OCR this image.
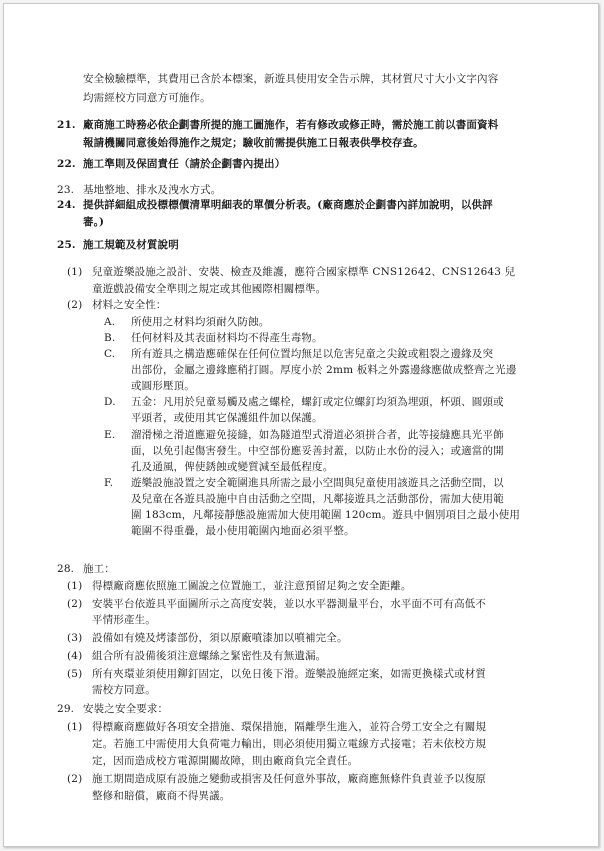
安全檢驗標準，其費用已含於本標案，新遊具使用安全告示牌，其材質尺寸大小文字內容
均需經校方同意方可施作。
21. 廠商施工時務必依企劃書所提的施工圖施作，若有修改或修正時，需於施工前以書面資料
報請機關同意後始得施作之規定；驗收前需提供施工日報表供學校存查。
22. 施工準則及保固責任（請於企劃書內提出）
23. 基地整地、排水及洩水方式。
24. 提供詳細組成投標標價清單明細表的單價分析表。(廠商應於企劃書內詳加說明，以供評
審。)
25. 施工規範及材質說明
(1) 兒童遊樂設施之設計、安裝、檢查及維護，應符合國家標準 CNS12642、CNS12643 兒
童遊戲設備安全準則之規定或其他國際相關標準。
(2) 材料之安全性：
A. 所使用之材料均須耐久防蝕。
B. 任何材料及其表面材料均不得產生毒物。
C. 所有遊具之構造應確保在任何位置均無足以危害兒童之尖銳或粗裂之邊緣及突
出部份，金屬之邊緣應稍打圓。厚度小於 2mm 板料之外露邊緣應做成整齊之光邊
或圓形壓頂。
D. 五金：凡用於兒童易觸及處之螺栓，螺釘或定位螺釘均須為埋頭，杯頭、圓頭或
平頭者，或使用其它保護組件加以保護。
E. 溜滑梯之滑道應避免接縫，如為隧道型式滑道必須拼合者，此等接縫應具光平飾
面，以免引起傷害發生。中空部份應妥善封蓋，以防止水份的浸入；或適當的開
孔及通風，俾使銹蝕或變質減至最低程度。
F. 遊樂設施設置之安全範圍進具所需之最小空間與兒童使用該遊具之活動空間，以
及兒童在各遊具設施中自由活動之空間，凡鄰接遊具之活動部份，需加大使用範
圍 183cm，凡鄰接靜態設施需加大使用範圍 120cm。遊具中個別項目之最小使用
範圍不得重疊，最小使用範圍內地面必須平整。
28. 施工：
(1) 得標廠商應依照施工圖說之位置施工，並注意預留足夠之安全距離。
(2) 安裝平台依遊具平面圖所示之高度安裝，並以水平器測量平台，水平面不可有高低不
平情形產生。
(3) 設備如有燒及烤漆部份，須以原廠噴漆加以噴補完全。
(4) 組合所有設備後須注意螺絲之緊密性及有無遺漏。
(5) 所有夾環並須使用鉚釘固定，以免日後下滑。遊樂設施經定案，如需更換樣式或材質
需校方同意。
29. 安裝之安全要求：
(1) 得標廠商應做好各項安全措施、環保措施，隔離學生進入，並符合勞工安全之有關規
定。若施工中需使用大負荷電力輸出，則必須使用獨立電線方式接電；若未依校方規
定，因而造成校方電源開關故障，則由廠商負完全責任。
(2) 施工期間造成原有設施之變動或損害及任何意外事故，廠商應無條件負責並予以復原
整修和賠償，廠商不得異議。
